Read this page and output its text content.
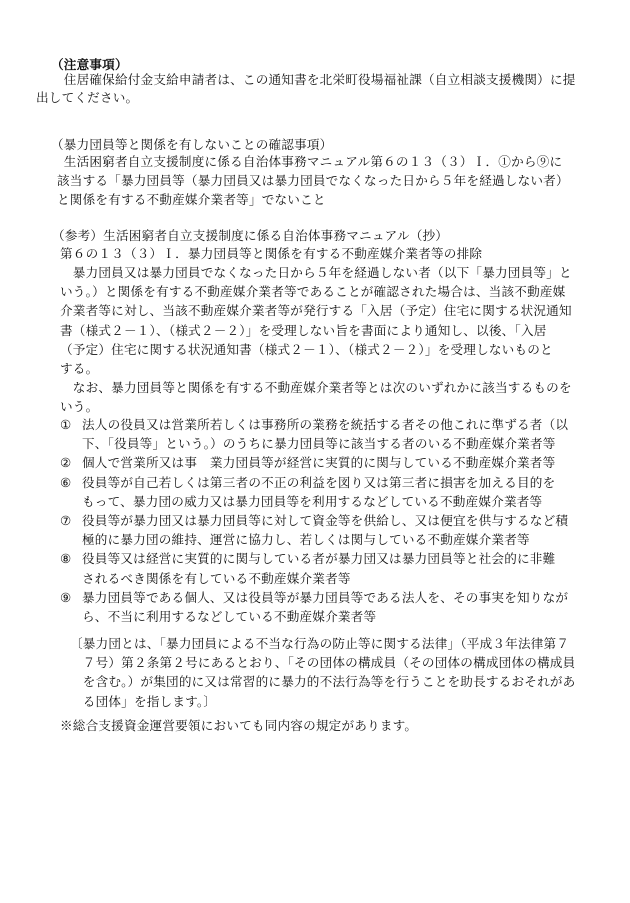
（注意事項）
　住居確保給付金支給申請者は、この通知書を北栄町役場福祉課（自立相談支援機関）に提
出してください。
（暴力団員等と関係を有しないことの確認事項）
　生活困窮者自立支援制度に係る自治体事務マニュアル第６の１３（３）Ｉ．①から⑨に
該当する「暴力団員等（暴力団員又は暴力団員でなくなった日から５年を経過しない者）
と関係を有する不動産媒介業者等」でないこと
（参考）生活困窮者自立支援制度に係る自治体事務マニュアル（抄）
第６の１３（３）Ｉ．暴力団員等と関係を有する不動産媒介業者等の排除
　暴力団員又は暴力団員でなくなった日から５年を経過しない者（以下「暴力団員等」と
いう。）と関係を有する不動産媒介業者等であることが確認された場合は、当該不動産媒
介業者等に対し、当該不動産媒介業者等が発行する「入居（予定）住宅に関する状況通知
書（様式２－１）、（様式２－２）」を受理しない旨を書面により通知し、以後、「入居
（予定）住宅に関する状況通知書（様式２－１）、（様式２－２）」を受理しないものと
する。
　なお、暴力団員等と関係を有する不動産媒介業者等とは次のいずれかに該当するものを
いう。
① 法人の役員又は営業所若しくは事務所の業務を統括する者その他これに準ずる者（以
下、「役員等」という。）のうちに暴力団員等に該当する者のいる不動産媒介業者等
② 個人で営業所又は事　業力団員等が経営に実質的に関与している不動産媒介業者等
⑥ 役員等が自己若しくは第三者の不正の利益を図り又は第三者に損害を加える目的を
もって、暴力団の威力又は暴力団員等を利用するなどしている不動産媒介業者等
⑦ 役員等が暴力団又は暴力団員等に対して資金等を供給し、又は便宜を供与するなど積
極的に暴力団の維持、運営に協力し、若しくは関与している不動産媒介業者等
⑧ 役員等又は経営に実質的に関与している者が暴力団又は暴力団員等と社会的に非難
されるべき関係を有している不動産媒介業者等
⑨ 暴力団員等である個人、又は役員等が暴力団員等である法人を、その事実を知りなが
ら、不当に利用するなどしている不動産媒介業者等
〔暴力団とは、「暴力団員による不当な行為の防止等に関する法律」（平成３年法律第７
　７号）第２条第２号にあるとおり、「その団体の構成員（その団体の構成団体の構成員
　を含む。）が集団的に又は常習的に暴力的不法行為等を行うことを助長するおそれがあ
　る団体」を指します。〕
※総合支援資金運営要領においても同内容の規定があります。
